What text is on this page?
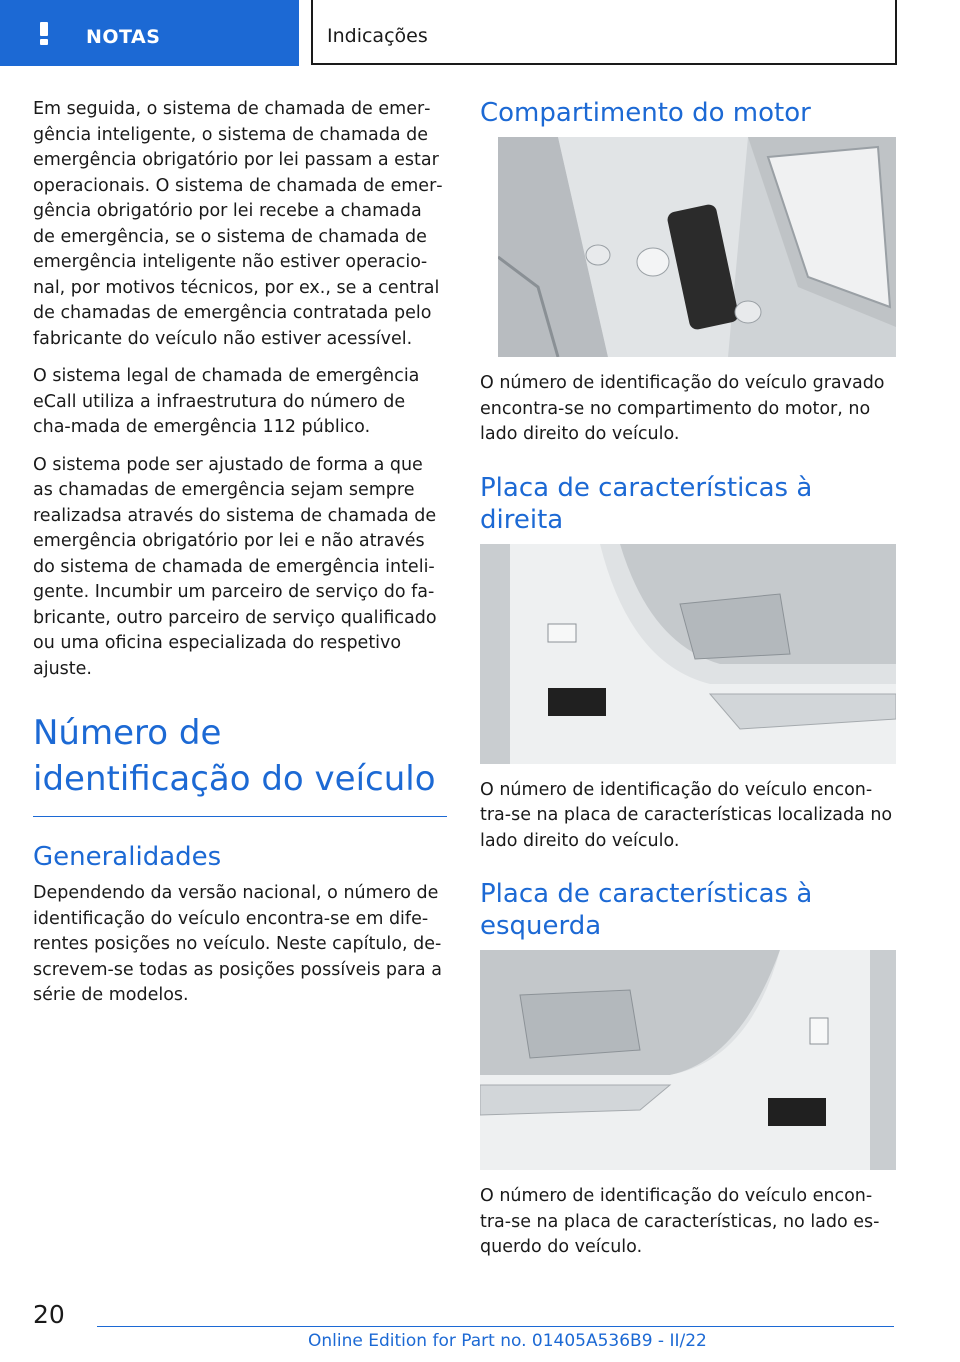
NOTAS	Indicações

Em seguida, o sistema de chamada de emer‐gência inteligente, o sistema de chamada de emergência obrigatório por lei passam a estar operacionais. O sistema de chamada de emer‐gência obrigatório por lei recebe a chamada de emergência, se o sistema de chamada de emergência inteligente não estiver operacio‐nal, por motivos técnicos, por ex., se a central de chamadas de emergência contratada pelo fabricante do veículo não estiver acessível.

O sistema legal de chamada de emergência eCall utiliza a infraestrutura do número de cha‐mada de emergência 112 público.

O sistema pode ser ajustado de forma a que as chamadas de emergência sejam sempre realizadsa através do sistema de chamada de emergência obrigatório por lei e não através do sistema de chamada de emergência inteli‐gente. Incumbir um parceiro de serviço do fa‐bricante, outro parceiro de serviço qualificado ou uma oficina especializada do respetivo ajuste.

Número de identificação do veículo
Generalidades

Dependendo da versão nacional, o número de identificação do veículo encontra-se em dife‐rentes posições no veículo. Neste capítulo, de‐screvem-se todas as posições possíveis para a série de modelos.

Compartimento do motor

O número de identificação do veículo gravado encontra-se no compartimento do motor, no lado direito do veículo.

Placa de características à direita

O número de identificação do veículo encon‐tra-se na placa de características localizada no lado direito do veículo.

Placa de características à esquerda

O número de identificação do veículo encon‐tra-se na placa de características, no lado es‐querdo do veículo.

20
Online Edition for Part no. 01405A536B9 - II/22
